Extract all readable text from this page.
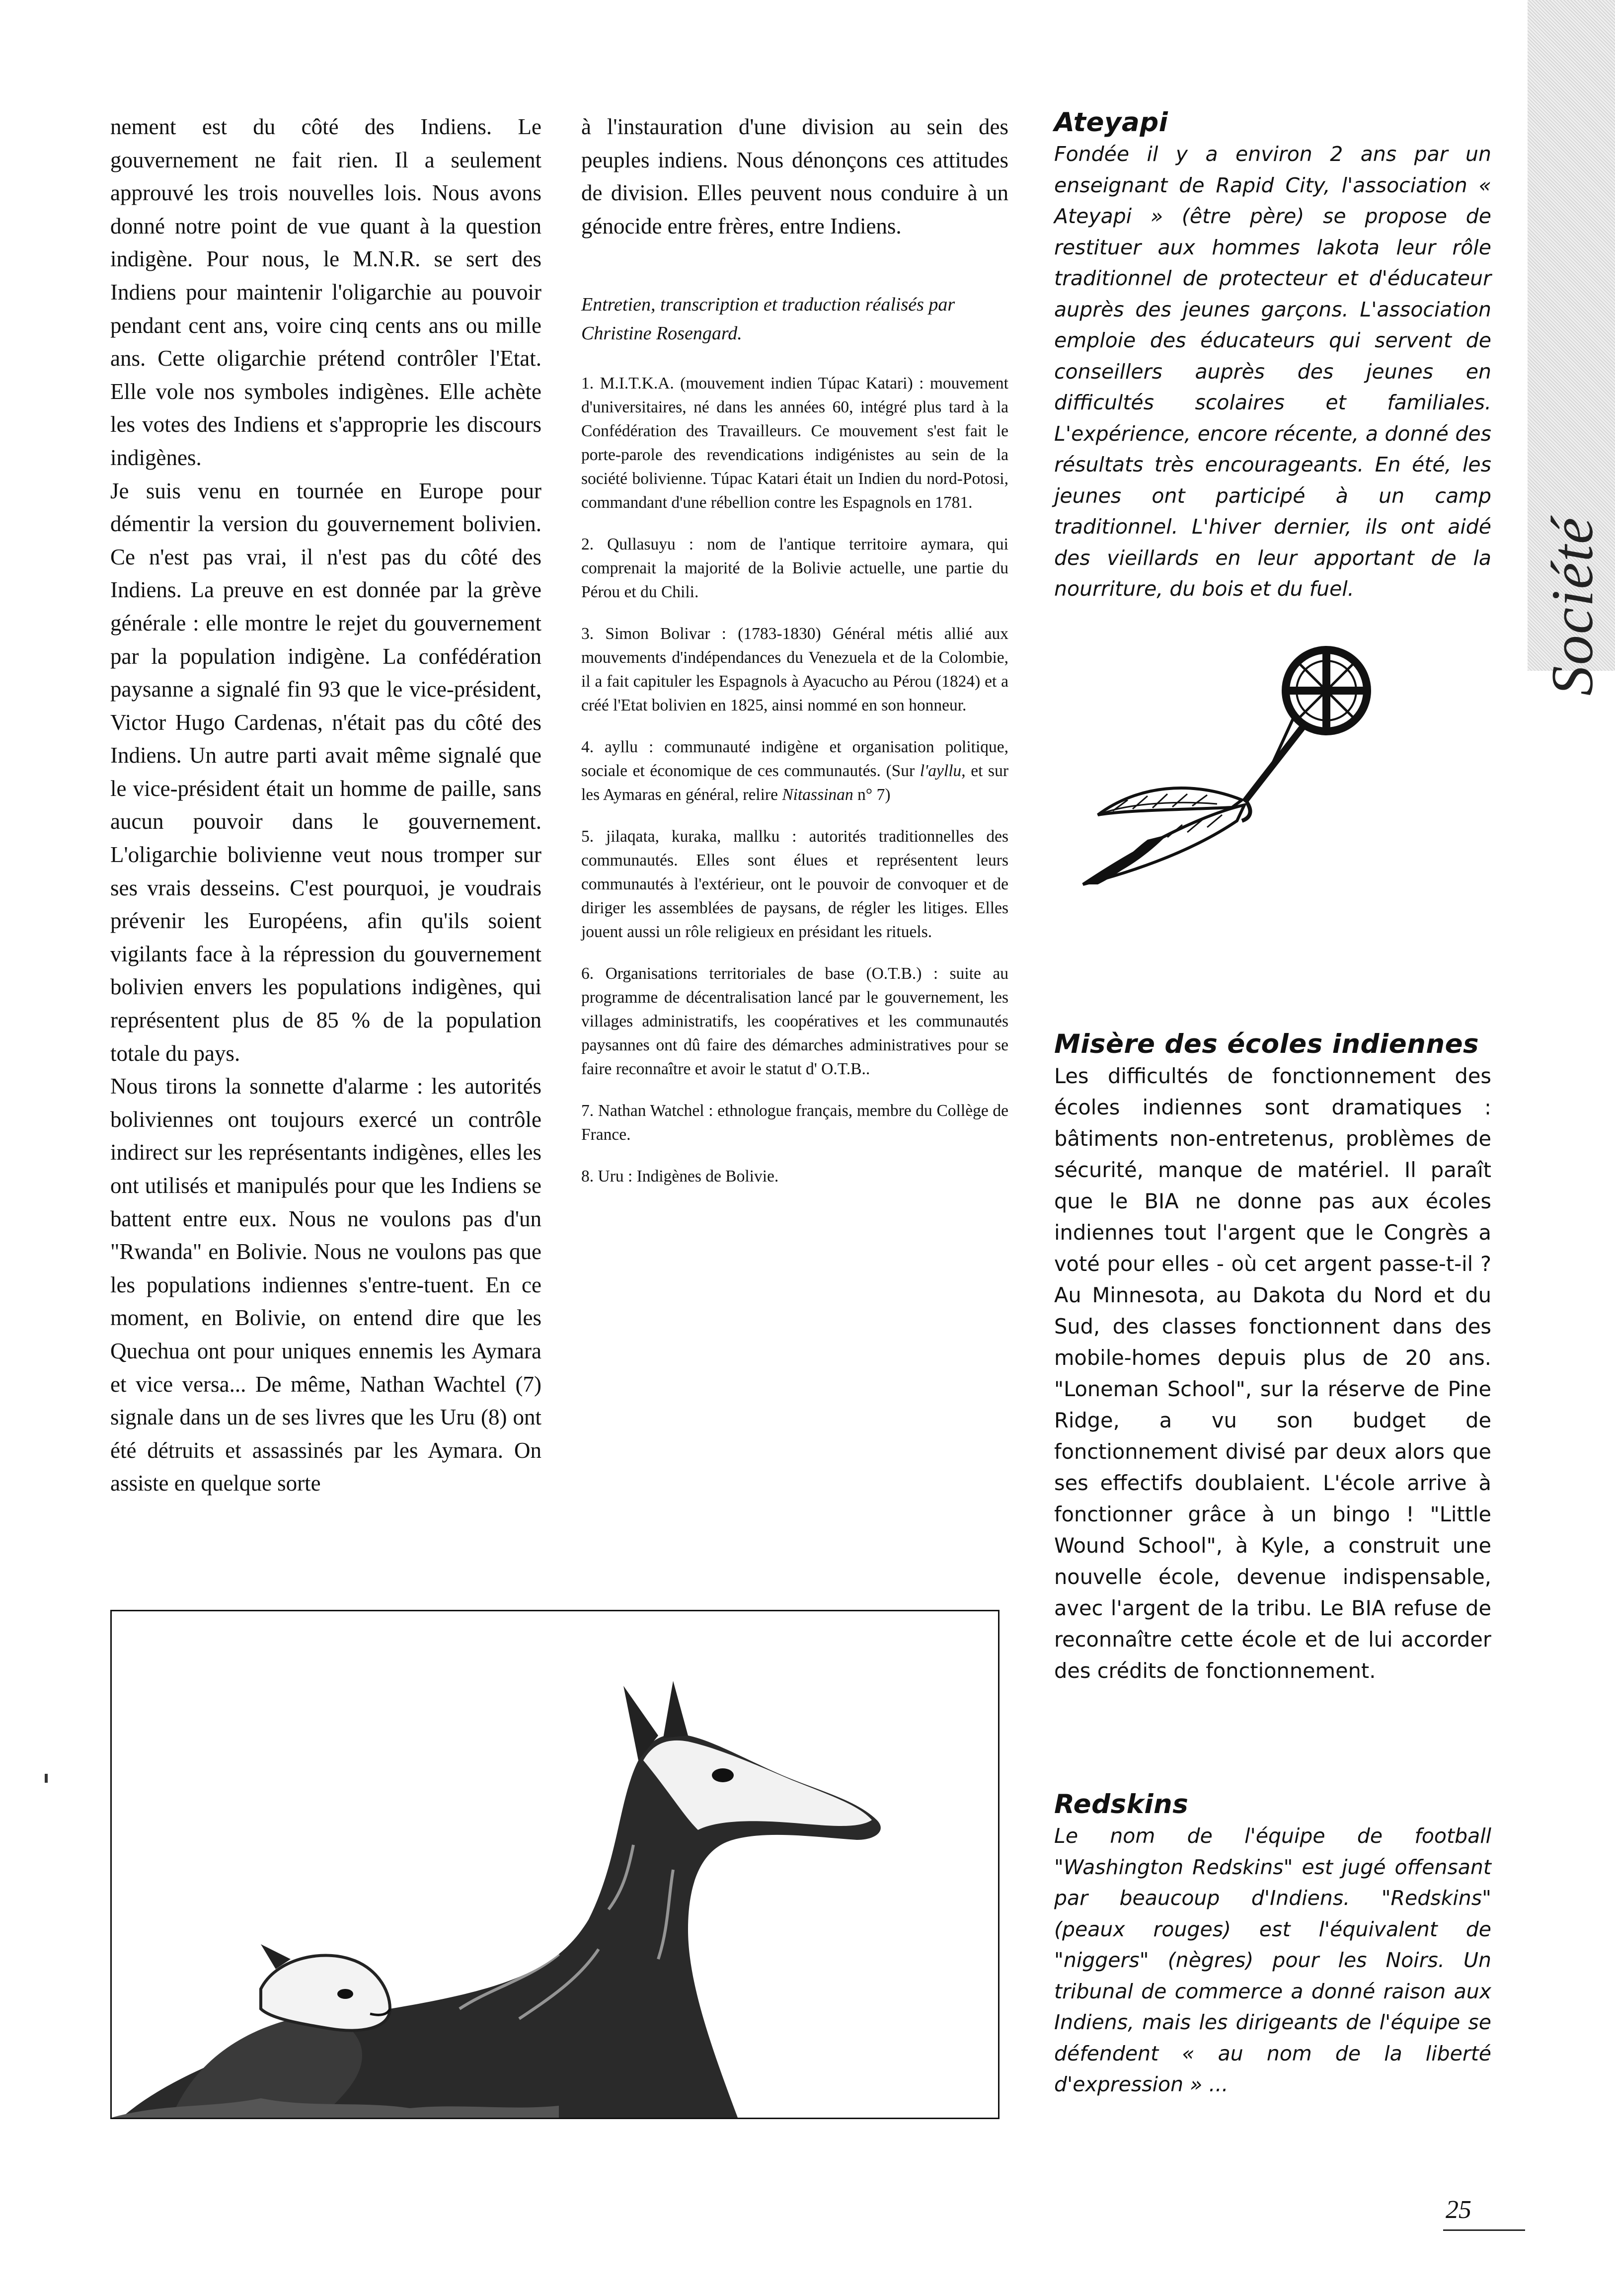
Société

nement est du côté des Indiens. Le gouvernement ne fait rien. Il a seulement approuvé les trois nouvelles lois. Nous avons donné notre point de vue quant à la question indigène. Pour nous, le M.N.R. se sert des Indiens pour maintenir l'oligarchie au pouvoir pendant cent ans, voire cinq cents ans ou mille ans. Cette oligarchie prétend contrôler l'Etat. Elle vole nos symboles indigènes. Elle achète les votes des Indiens et s'approprie les discours indigènes.

Je suis venu en tournée en Europe pour démentir la version du gouvernement bolivien. Ce n'est pas vrai, il n'est pas du côté des Indiens. La preuve en est donnée par la grève générale : elle montre le rejet du gouvernement par la population indigène. La confédération paysanne a signalé fin 93 que le vice-président, Victor Hugo Cardenas, n'était pas du côté des Indiens. Un autre parti avait même signalé que le vice-président était un homme de paille, sans aucun pouvoir dans le gouvernement. L'oligarchie bolivienne veut nous tromper sur ses vrais desseins. C'est pourquoi, je voudrais prévenir les Européens, afin qu'ils soient vigilants face à la répression du gouvernement bolivien envers les populations indigènes, qui représentent plus de 85 % de la population totale du pays.

Nous tirons la sonnette d'alarme : les autorités boliviennes ont toujours exercé un contrôle indirect sur les représentants indigènes, elles les ont utilisés et manipulés pour que les Indiens se battent entre eux. Nous ne voulons pas d'un "Rwanda" en Bolivie. Nous ne voulons pas que les populations indiennes s'entre-tuent. En ce moment, en Bolivie, on entend dire que les Quechua ont pour uniques ennemis les Aymara et vice versa... De même, Nathan Wachtel (7) signale dans un de ses livres que les Uru (8) ont été détruits et assassinés par les Aymara. On assiste en quelque sorte

à l'instauration d'une division au sein des peuples indiens. Nous dénonçons ces attitudes de division. Elles peuvent nous conduire à un génocide entre frères, entre Indiens.

Entretien, transcription et traduction réalisés par Christine Rosengard.

1. M.I.T.K.A. (mouvement indien Túpac Katari) : mouvement d'universitaires, né dans les années 60, intégré plus tard à la Confédération des Travailleurs. Ce mouvement s'est fait le porte-parole des revendications indigénistes au sein de la société bolivienne. Túpac Katari était un Indien du nord-Potosi, commandant d'une rébellion contre les Espagnols en 1781.

2. Qullasuyu : nom de l'antique territoire aymara, qui comprenait la majorité de la Bolivie actuelle, une partie du Pérou et du Chili.

3. Simon Bolivar : (1783-1830) Général métis allié aux mouvements d'indépendances du Venezuela et de la Colombie, il a fait capituler les Espagnols à Ayacucho au Pérou (1824) et a créé l'Etat bolivien en 1825, ainsi nommé en son honneur.

4. ayllu : communauté indigène et organisation politique, sociale et économique de ces communautés. (Sur l'ayllu, et sur les Aymaras en général, relire Nitassinan n° 7)

5. jilaqata, kuraka, mallku : autorités traditionnelles des communautés. Elles sont élues et représentent leurs communautés à l'extérieur, ont le pouvoir de convoquer et de diriger les assemblées de paysans, de régler les litiges. Elles jouent aussi un rôle religieux en présidant les rituels.

6. Organisations territoriales de base (O.T.B.) : suite au programme de décentralisation lancé par le gouvernement, les villages administratifs, les coopératives et les communautés paysannes ont dû faire des démarches administratives pour se faire reconnaître et avoir le statut d' O.T.B..

7. Nathan Watchel : ethnologue français, membre du Collège de France.

8. Uru : Indigènes de Bolivie.

Ateyapi

Fondée il y a environ 2 ans par un enseignant de Rapid City, l'association « Ateyapi » (être père) se propose de restituer aux hommes lakota leur rôle traditionnel de protecteur et d'éducateur auprès des jeunes garçons. L'association emploie des éducateurs qui servent de conseillers auprès des jeunes en difficultés scolaires et familiales. L'expérience, encore récente, a donné des résultats très encourageants. En été, les jeunes ont participé à un camp traditionnel. L'hiver dernier, ils ont aidé des vieillards en leur apportant de la nourriture, du bois et du fuel.

Misère des écoles indiennes

Les difficultés de fonctionnement des écoles indiennes sont dramatiques : bâtiments non-entretenus, problèmes de sécurité, manque de matériel. Il paraît que le BIA ne donne pas aux écoles indiennes tout l'argent que le Congrès a voté pour elles - où cet argent passe-t-il ? Au Minnesota, au Dakota du Nord et du Sud, des classes fonctionnent dans des mobile-homes depuis plus de 20 ans. "Loneman School", sur la réserve de Pine Ridge, a vu son budget de fonctionnement divisé par deux alors que ses effectifs doublaient. L'école arrive à fonctionner grâce à un bingo ! "Little Wound School", à Kyle, a construit une nouvelle école, devenue indispensable, avec l'argent de la tribu. Le BIA refuse de reconnaître cette école et de lui accorder des crédits de fonctionnement.

Redskins

Le nom de l'équipe de football "Washington Redskins" est jugé offensant par beaucoup d'Indiens. "Redskins" (peaux rouges) est l'équivalent de "niggers" (nègres) pour les Noirs. Un tribunal de commerce a donné raison aux Indiens, mais les dirigeants de l'équipe se défendent « au nom de la liberté d'expression » ...

25
